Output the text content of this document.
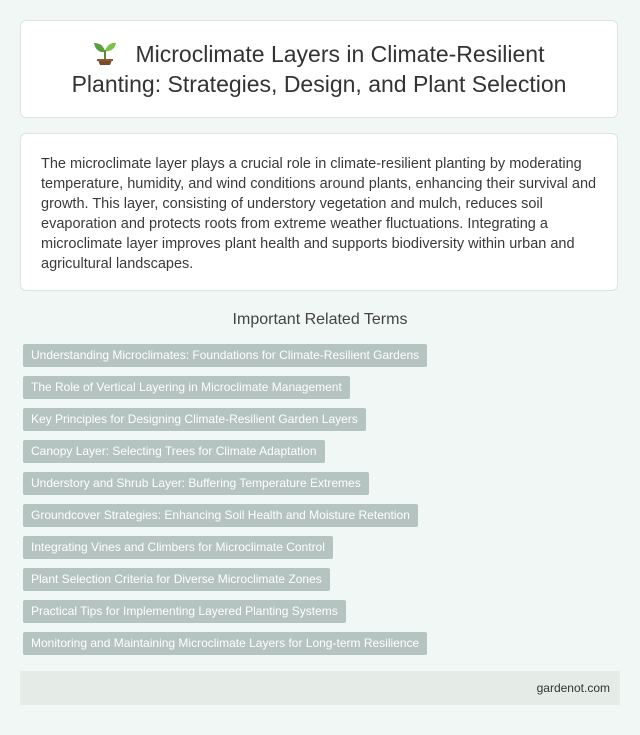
Microclimate Layers in Climate-Resilient Planting: Strategies, Design, and Plant Selection

The microclimate layer plays a crucial role in climate-resilient planting by moderating temperature, humidity, and wind conditions around plants, enhancing their survival and growth. This layer, consisting of understory vegetation and mulch, reduces soil evaporation and protects roots from extreme weather fluctuations. Integrating a microclimate layer improves plant health and supports biodiversity within urban and agricultural landscapes.

Important Related Terms
Understanding Microclimates: Foundations for Climate-Resilient Gardens
The Role of Vertical Layering in Microclimate Management
Key Principles for Designing Climate-Resilient Garden Layers
Canopy Layer: Selecting Trees for Climate Adaptation
Understory and Shrub Layer: Buffering Temperature Extremes
Groundcover Strategies: Enhancing Soil Health and Moisture Retention
Integrating Vines and Climbers for Microclimate Control
Plant Selection Criteria for Diverse Microclimate Zones
Practical Tips for Implementing Layered Planting Systems
Monitoring and Maintaining Microclimate Layers for Long-term Resilience
gardenot.com
